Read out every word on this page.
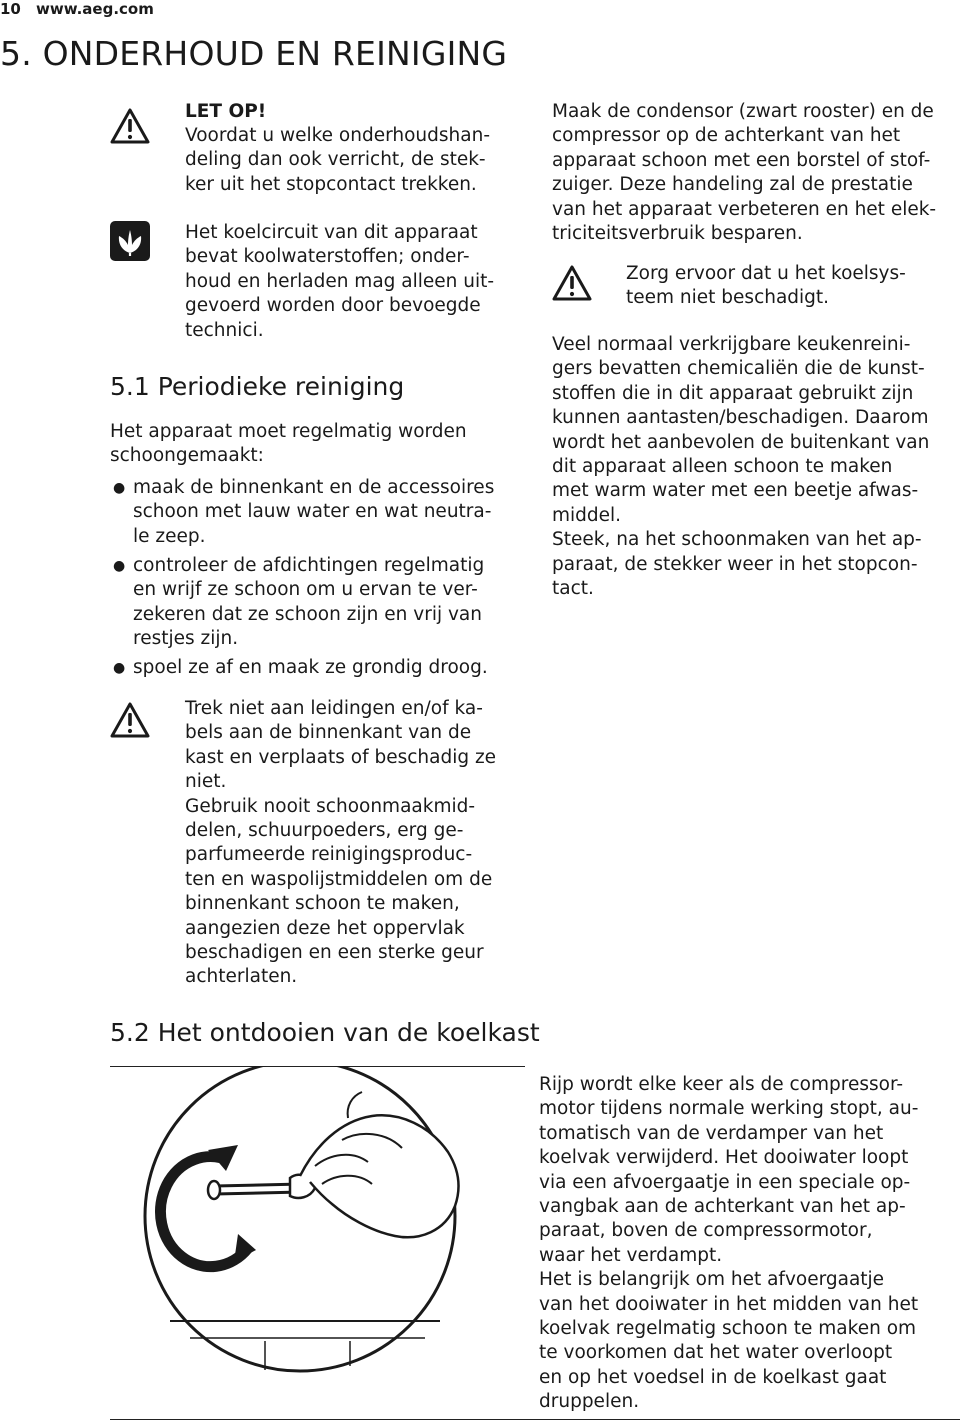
10 www.aeg.com
5. ONDERHOUD EN REINIGING
LET OP!
Voordat u welke onderhoudshan-
deling dan ook verricht, de stek-
ker uit het stopcontact trekken.
Het koelcircuit van dit apparaat
bevat koolwaterstoffen; onder-
houd en herladen mag alleen uit-
gevoerd worden door bevoegde
technici.
5.1 Periodieke reiniging
Het apparaat moet regelmatig worden
schoongemaakt:
● maak de binnenkant en de accessoires
schoon met lauw water en wat neutra-
le zeep.
● controleer de afdichtingen regelmatig
en wrijf ze schoon om u ervan te ver-
zekeren dat ze schoon zijn en vrij van
restjes zijn.
● spoel ze af en maak ze grondig droog.
Trek niet aan leidingen en/of ka-
bels aan de binnenkant van de
kast en verplaats of beschadig ze
niet.
Gebruik nooit schoonmaakmid-
delen, schuurpoeders, erg ge-
parfumeerde reinigingsproduc-
ten en waspolijstmiddelen om de
binnenkant schoon te maken,
aangezien deze het oppervlak
beschadigen en een sterke geur
achterlaten.
Maak de condensor (zwart rooster) en de
compressor op de achterkant van het
apparaat schoon met een borstel of stof-
zuiger. Deze handeling zal de prestatie
van het apparaat verbeteren en het elek-
triciteitsverbruik besparen.
Zorg ervoor dat u het koelsys-
teem niet beschadigt.
Veel normaal verkrijgbare keukenreini-
gers bevatten chemicaliën die de kunst-
stoffen die in dit apparaat gebruikt zijn
kunnen aantasten/beschadigen. Daarom
wordt het aanbevolen de buitenkant van
dit apparaat alleen schoon te maken
met warm water met een beetje afwas-
middel.
Steek, na het schoonmaken van het ap-
paraat, de stekker weer in het stopcon-
tact.
5.2 Het ontdooien van de koelkast
Rijp wordt elke keer als de compressor-
motor tijdens normale werking stopt, au-
tomatisch van de verdamper van het
koelvak verwijderd. Het dooiwater loopt
via een afvoergaatje in een speciale op-
vangbak aan de achterkant van het ap-
paraat, boven de compressormotor,
waar het verdampt.
Het is belangrijk om het afvoergaatje
van het dooiwater in het midden van het
koelvak regelmatig schoon te maken om
te voorkomen dat het water overloopt
en op het voedsel in de koelkast gaat
druppelen.
